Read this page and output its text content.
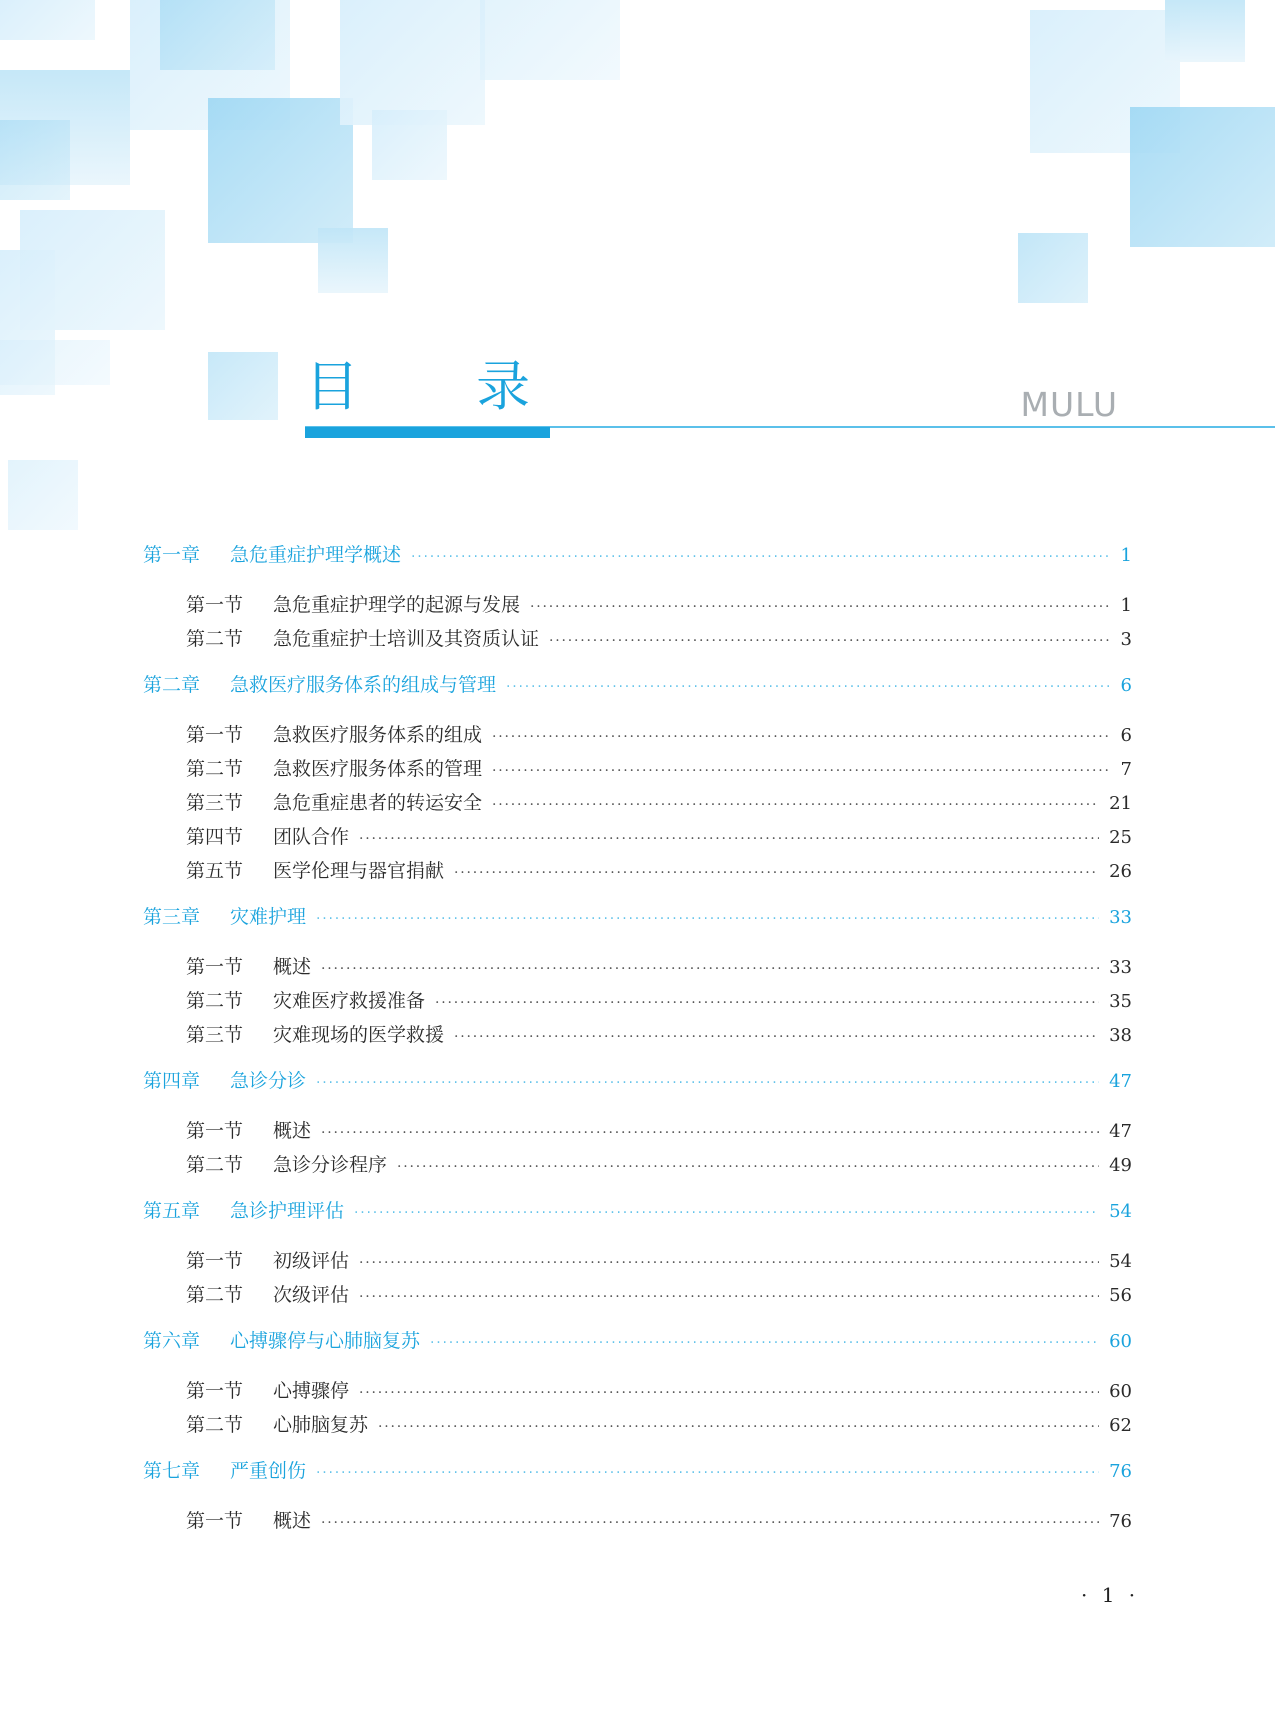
目 录	MULU
第一章	急危重症护理学概述 ·····	1
第一节	急危重症护理学的起源与发展 ·····	1
第二节	急危重症护士培训及其资质认证 ·····	3
第二章	急救医疗服务体系的组成与管理 ·····	6
第一节	急救医疗服务体系的组成 ·····	6
第二节	急救医疗服务体系的管理 ·····	7
第三节	急危重症患者的转运安全 ·····	21
第四节	团队合作 ·····	25
第五节	医学伦理与器官捐献 ·····	26
第三章	灾难护理 ·····	33
第一节	概述 ·····	33
第二节	灾难医疗救援准备 ·····	35
第三节	灾难现场的医学救援 ·····	38
第四章	急诊分诊 ·····	47
第一节	概述 ·····	47
第二节	急诊分诊程序 ·····	49
第五章	急诊护理评估 ·····	54
第一节	初级评估 ·····	54
第二节	次级评估 ·····	56
第六章	心搏骤停与心肺脑复苏 ·····	60
第一节	心搏骤停 ·····	60
第二节	心肺脑复苏 ·····	62
第七章	严重创伤 ·····	76
第一节	概述 ·····	76
· 1 ·
